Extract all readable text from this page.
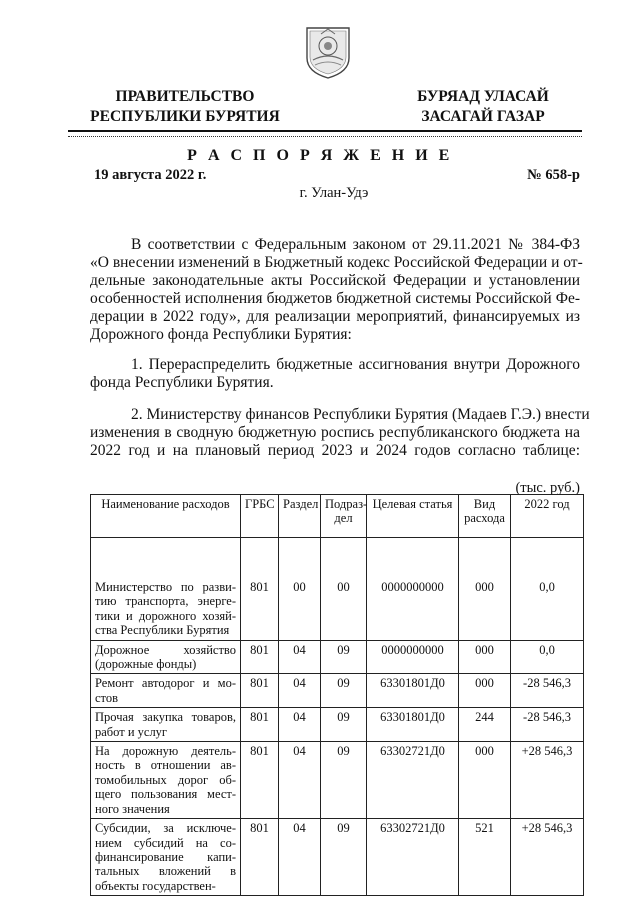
ПРАВИТЕЛЬСТВО
РЕСПУБЛИКИ БУРЯТИЯ
БУРЯАД УЛАСАЙ
ЗАСАГАЙ ГАЗАР
Р А С П О Р Я Ж Е Н И Е
19 августа 2022 г.	№ 658-р
г. Улан-Удэ
В соответствии с Федеральным законом от 29.11.2021 № 384-ФЗ
«О внесении изменений в Бюджетный кодекс Российской Федерации и от-
дельные законодательные акты Российской Федерации и установлении
особенностей исполнения бюджетов бюджетной системы Российской Фе-
дерации в 2022 году», для реализации мероприятий, финансируемых из
Дорожного фонда Республики Бурятия:
1. Перераспределить бюджетные ассигнования внутри Дорожного
фонда Республики Бурятия.
2. Министерству финансов Республики Бурятия (Мадаев Г.Э.) внести
изменения в сводную бюджетную роспись республиканского бюджета на
2022 год и на плановый период 2023 и 2024 годов согласно таблице:
(тыс. руб.)
Наименование расходов	ГРБС	Раздел	Подраз-дел	Целевая статья	Вид расхода	2022 год
Министерство по разви-тию транспорта, энерге-тики и дорожного хозяй-ства Республики Бурятия	801	00	00	0000000000	000	0,0
Дорожное хозяйство (дорожные фонды)	801	04	09	0000000000	000	0,0
Ремонт автодорог и мо-стов	801	04	09	63301801Д0	000	-28 546,3
Прочая закупка товаров, работ и услуг	801	04	09	63301801Д0	244	-28 546,3
На дорожную деятель-ность в отношении ав-томобильных дорог об-щего пользования мест-ного значения	801	04	09	63302721Д0	000	+28 546,3
Субсидии, за исключе-нием субсидий на со-финансирование капи-тальных вложений в объекты государствен-	801	04	09	63302721Д0	521	+28 546,3
